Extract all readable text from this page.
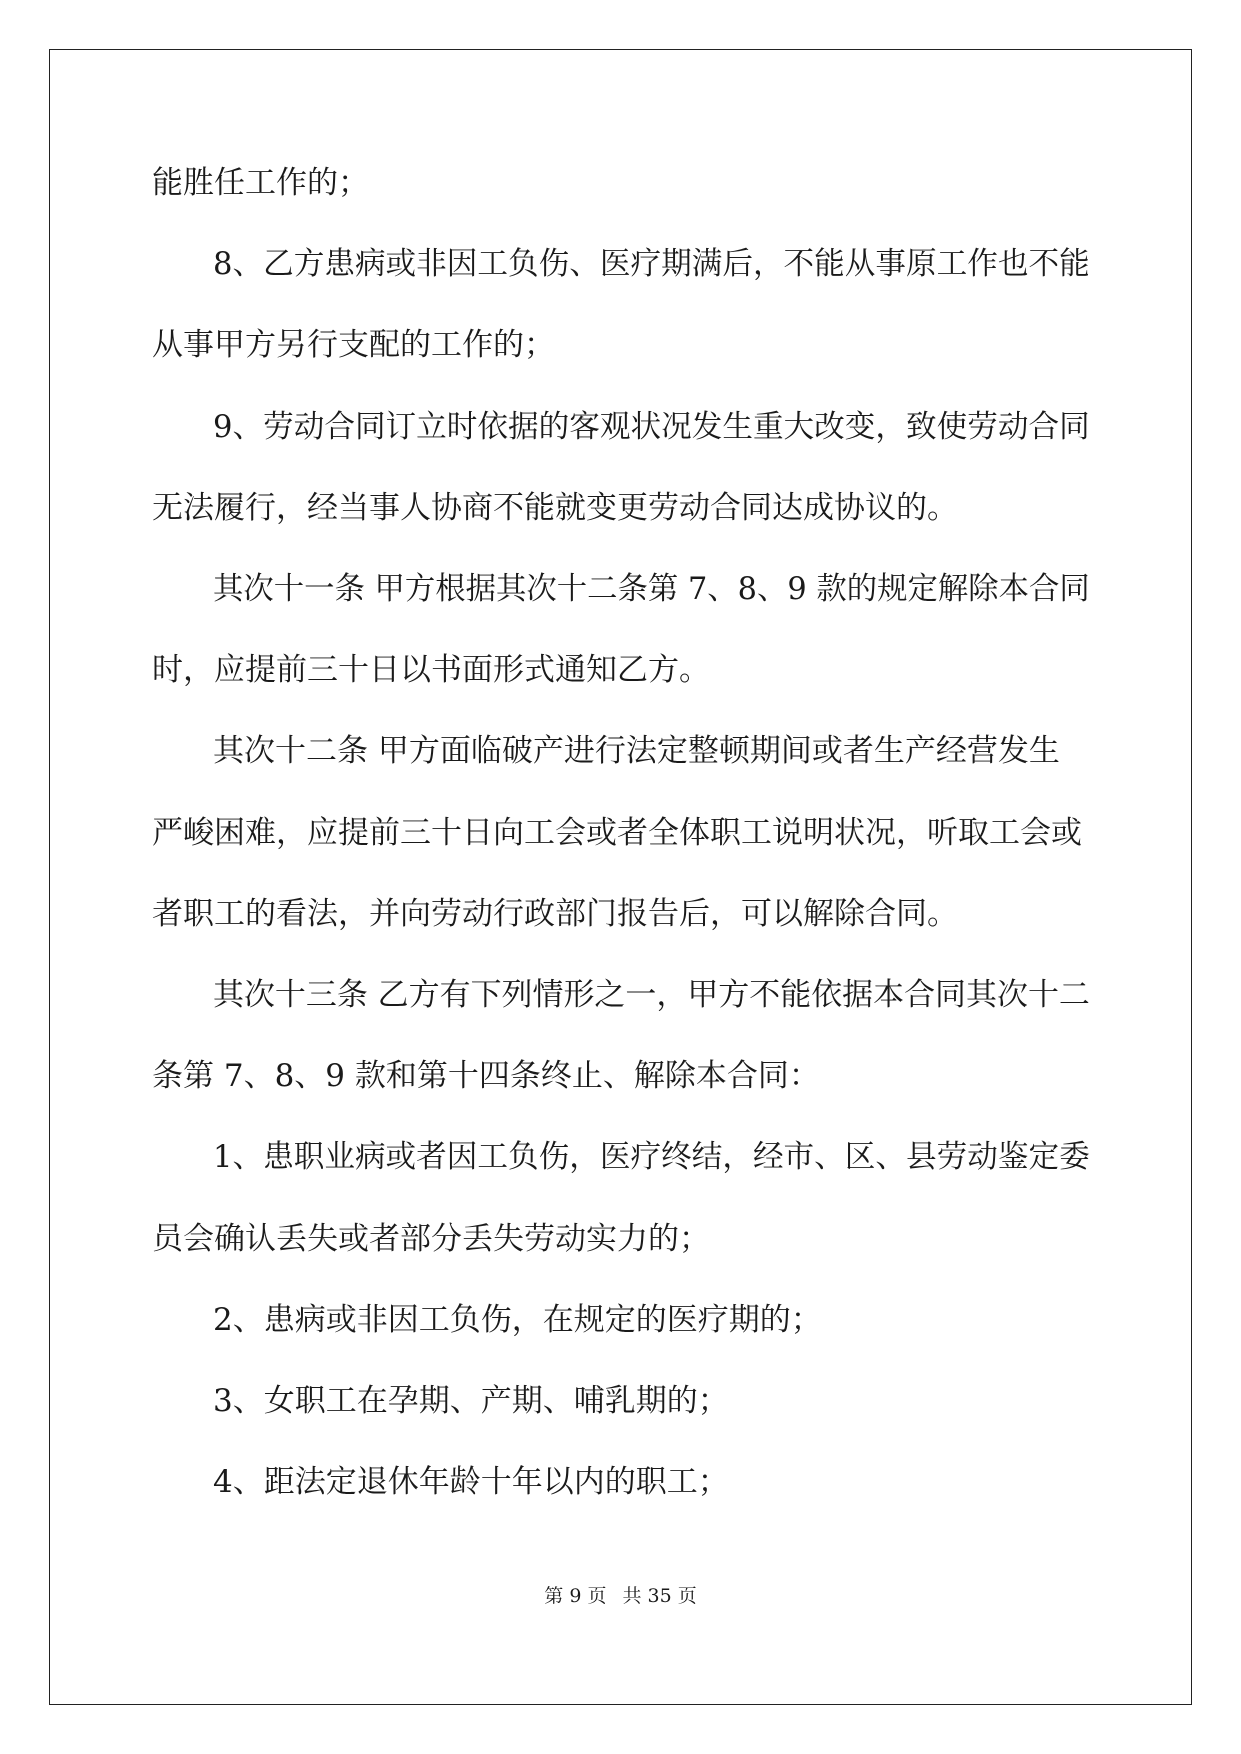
能胜任工作的；
8、乙方患病或非因工负伤、医疗期满后，不能从事原工作也不能
从事甲方另行支配的工作的；
9、劳动合同订立时依据的客观状况发生重大改变，致使劳动合同
无法履行，经当事人协商不能就变更劳动合同达成协议的。
其次十一条 甲方根据其次十二条第 7、8、9 款的规定解除本合同
时，应提前三十日以书面形式通知乙方。
其次十二条 甲方面临破产进行法定整顿期间或者生产经营发生
严峻困难，应提前三十日向工会或者全体职工说明状况，听取工会或
者职工的看法，并向劳动行政部门报告后，可以解除合同。
其次十三条 乙方有下列情形之一，甲方不能依据本合同其次十二
条第 7、8、9 款和第十四条终止、解除本合同：
1、患职业病或者因工负伤，医疗终结，经市、区、县劳动鉴定委
员会确认丢失或者部分丢失劳动实力的；
2、患病或非因工负伤，在规定的医疗期的；
3、女职工在孕期、产期、哺乳期的；
4、距法定退休年龄十年以内的职工；
第 9 页 共 35 页
